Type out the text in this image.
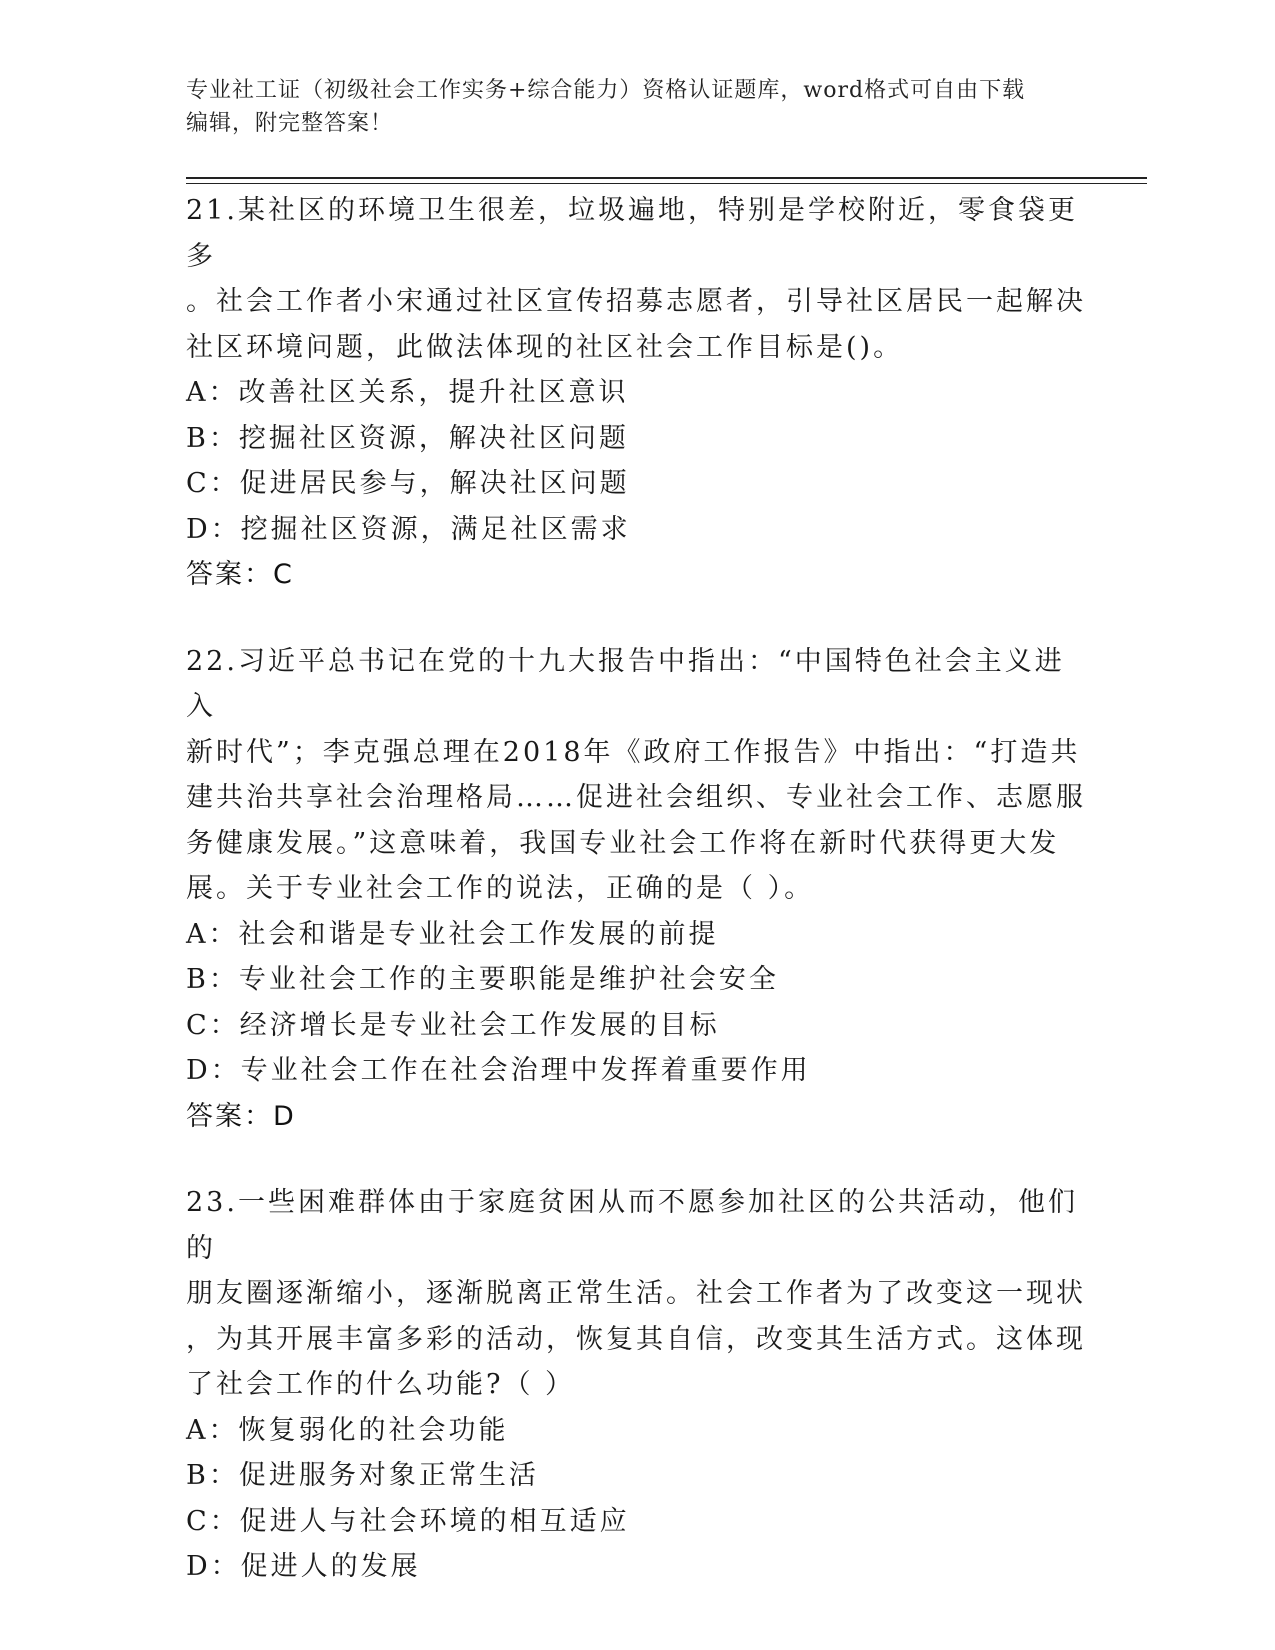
专业社工证（初级社会工作实务+综合能力）资格认证题库，word格式可自由下载
编辑，附完整答案！

21.某社区的环境卫生很差，垃圾遍地，特别是学校附近，零食袋更多

。社会工作者小宋通过社区宣传招募志愿者，引导社区居民一起解决

社区环境问题，此做法体现的社区社会工作目标是()。

A：改善社区关系，提升社区意识

B：挖掘社区资源，解决社区问题

C：促进居民参与，解决社区问题

D：挖掘社区资源，满足社区需求

答案：C

22.习近平总书记在党的十九大报告中指出：“中国特色社会主义进入

新时代”；李克强总理在2018年《政府工作报告》中指出：“打造共

建共治共享社会治理格局……促进社会组织、专业社会工作、志愿服

务健康发展。”这意味着，我国专业社会工作将在新时代获得更大发

展。关于专业社会工作的说法，正确的是（ ）。

A：社会和谐是专业社会工作发展的前提

B：专业社会工作的主要职能是维护社会安全

C：经济增长是专业社会工作发展的目标

D：专业社会工作在社会治理中发挥着重要作用

答案：D

23.一些困难群体由于家庭贫困从而不愿参加社区的公共活动，他们的

朋友圈逐渐缩小，逐渐脱离正常生活。社会工作者为了改变这一现状

，为其开展丰富多彩的活动，恢复其自信，改变其生活方式。这体现

了社会工作的什么功能?（ ）

A：恢复弱化的社会功能

B：促进服务对象正常生活

C：促进人与社会环境的相互适应

D：促进人的发展
